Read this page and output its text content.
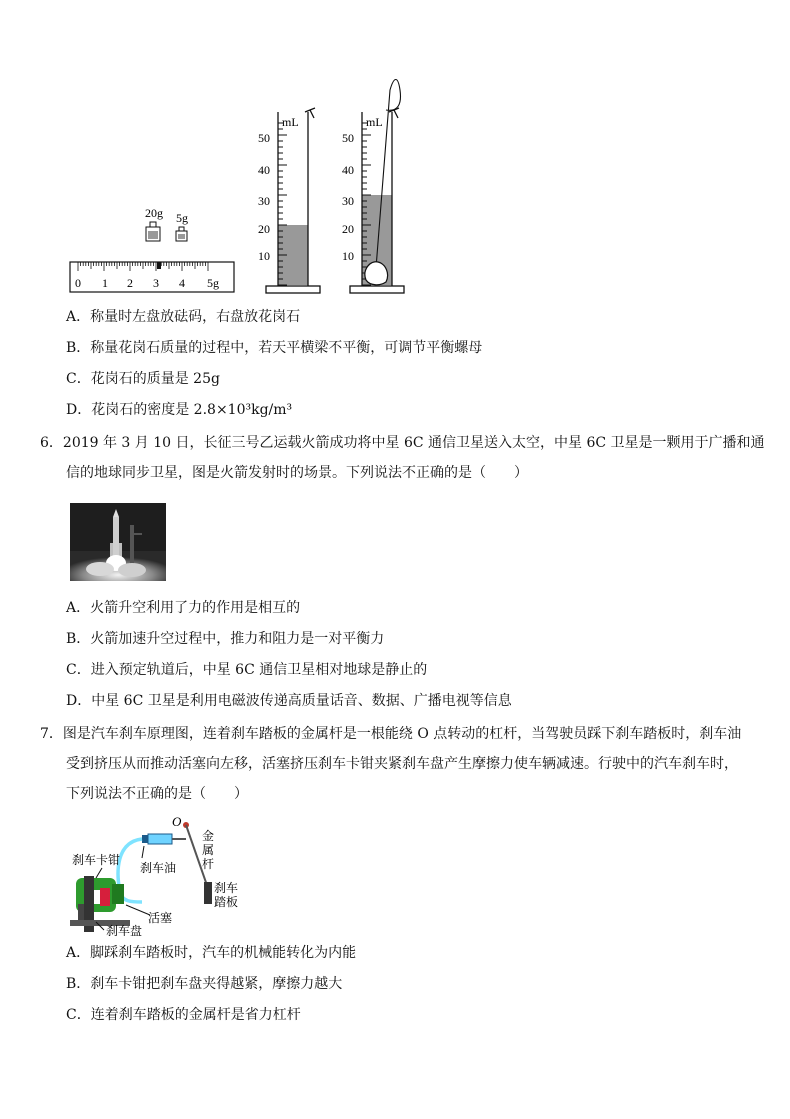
20g 5g
0 1 2 3 4 5g
50
40
30
20
10
mL
50
40
30
20
10
mL
A．称量时左盘放砝码，右盘放花岗石
B．称量花岗石质量的过程中，若天平横梁不平衡，可调节平衡螺母
C．花岗石的质量是 25g
D．花岗石的密度是 2.8×10³kg/m³
6．2019 年 3 月 10 日，长征三号乙运载火箭成功将中星 6C 通信卫星送入太空，中星 6C 卫星是一颗用于广播和通
信的地球同步卫星，图是火箭发射时的场景。下列说法不正确的是（　　）
A．火箭升空利用了力的作用是相互的
B．火箭加速升空过程中，推力和阻力是一对平衡力
C．进入预定轨道后，中星 6C 通信卫星相对地球是静止的
D．中星 6C 卫星是利用电磁波传递高质量话音、数据、广播电视等信息
7．图是汽车刹车原理图，连着刹车踏板的金属杆是一根能绕 O 点转动的杠杆，当驾驶员踩下刹车踏板时，刹车油
受到挤压从而推动活塞向左移，活塞挤压刹车卡钳夹紧刹车盘产生摩擦力使车辆减速。行驶中的汽车刹车时，
下列说法不正确的是（　　）
O
金
属
杆
刹车
踏板
刹车油
刹车卡钳
活塞
刹车盘
A．脚踩刹车踏板时，汽车的机械能转化为内能
B．刹车卡钳把刹车盘夹得越紧，摩擦力越大
C．连着刹车踏板的金属杆是省力杠杆
